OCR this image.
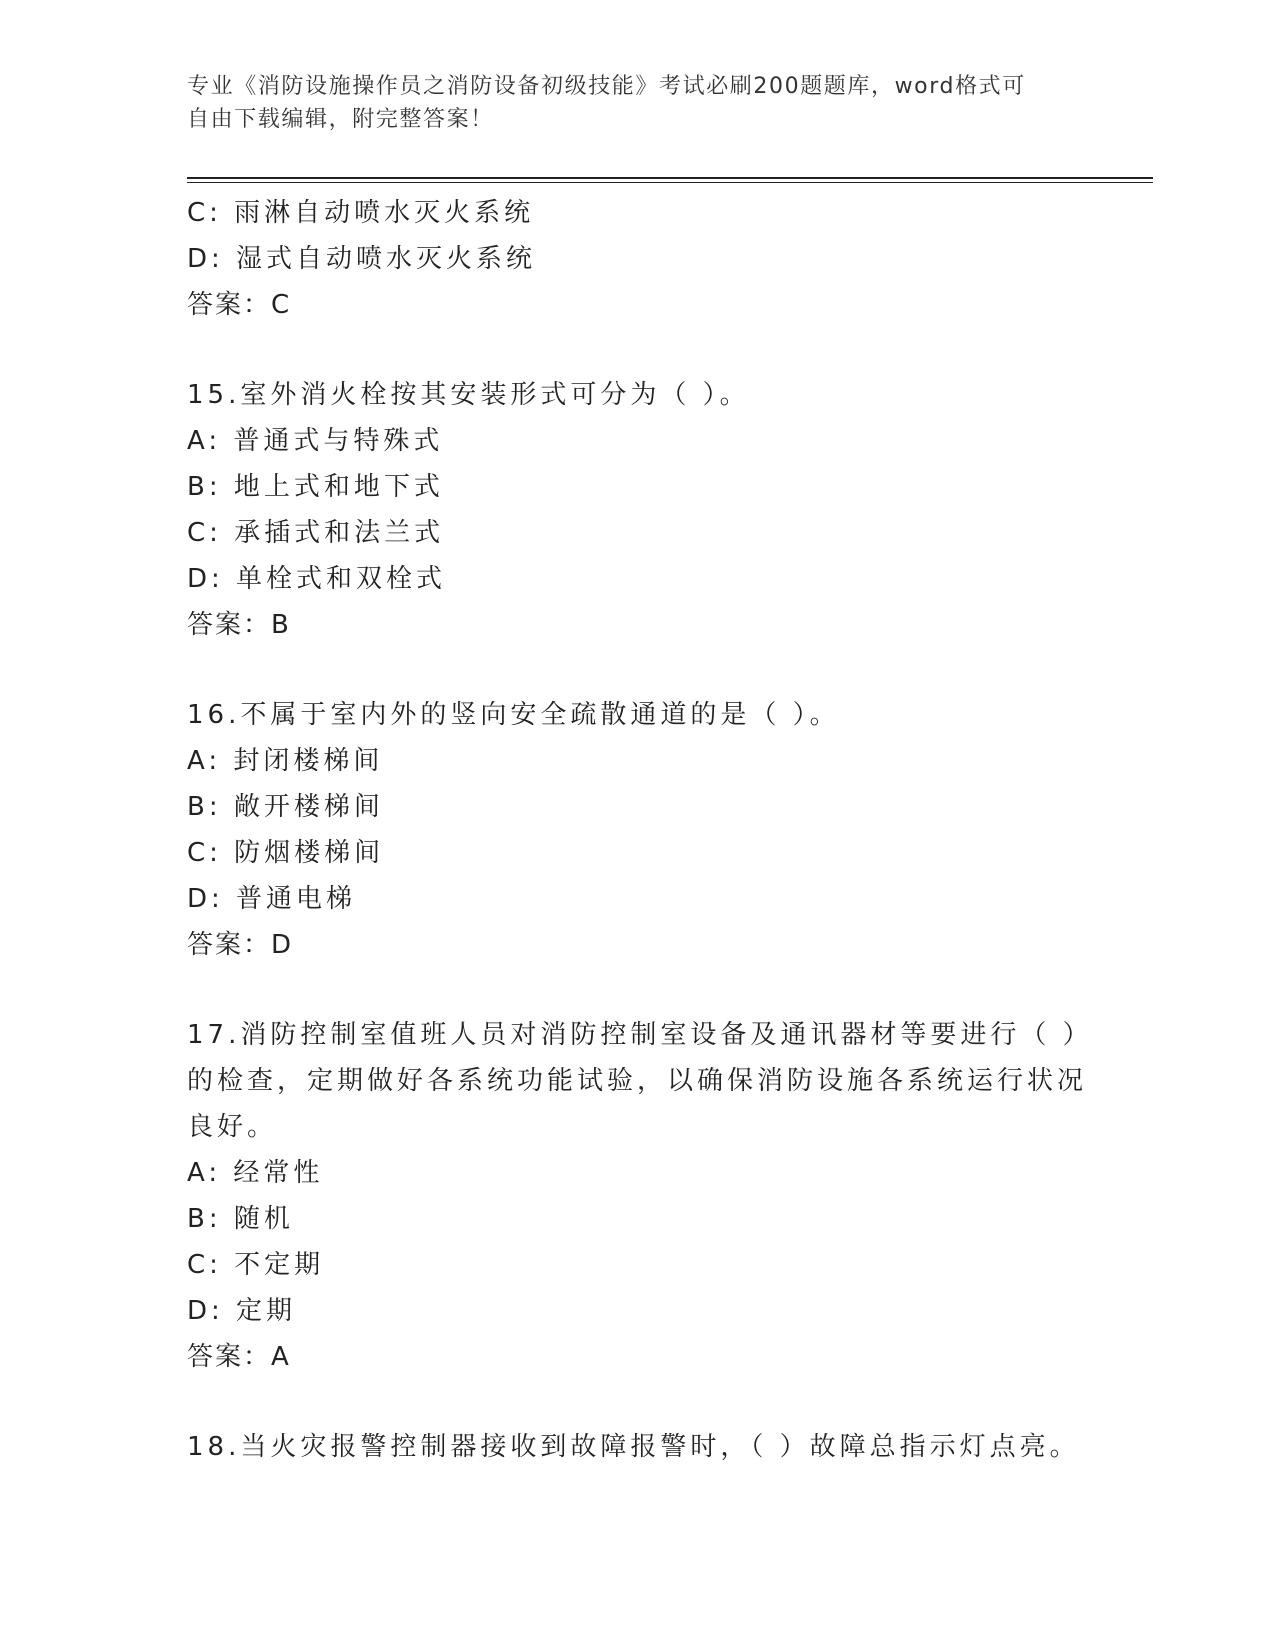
专业《消防设施操作员之消防设备初级技能》考试必刷200题题库，word格式可
自由下载编辑，附完整答案！
C: 雨淋自动喷水灭火系统
D: 湿式自动喷水灭火系统
答案：C
15.室外消火栓按其安装形式可分为（ ）。
A: 普通式与特殊式
B: 地上式和地下式
C: 承插式和法兰式
D: 单栓式和双栓式
答案：B
16.不属于室内外的竖向安全疏散通道的是（ ）。
A: 封闭楼梯间
B: 敞开楼梯间
C: 防烟楼梯间
D: 普通电梯
答案：D
17.消防控制室值班人员对消防控制室设备及通讯器材等要进行（ ）
的检查，定期做好各系统功能试验，以确保消防设施各系统运行状况
良好。
A: 经常性
B: 随机
C: 不定期
D: 定期
答案：A
18.当火灾报警控制器接收到故障报警时，（ ）故障总指示灯点亮。
